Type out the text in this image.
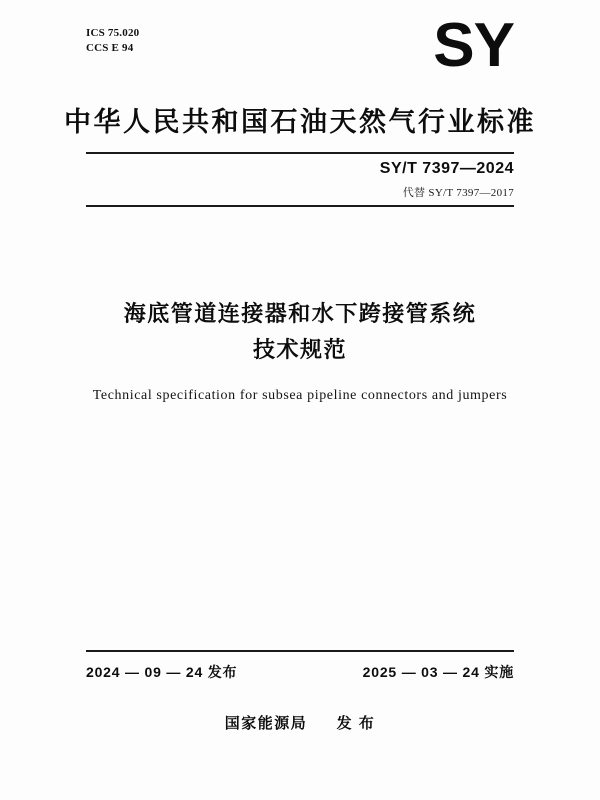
ICS 75.020
CCS E 94	SY
中华人民共和国石油天然气行业标准
SY/T 7397—2024
代替 SY/T 7397—2017
海底管道连接器和水下跨接管系统
技术规范
Technical specification for subsea pipeline connectors and jumpers
2024 — 09 — 24 发布	2025 — 03 — 24 实施
国家能源局 发 布
